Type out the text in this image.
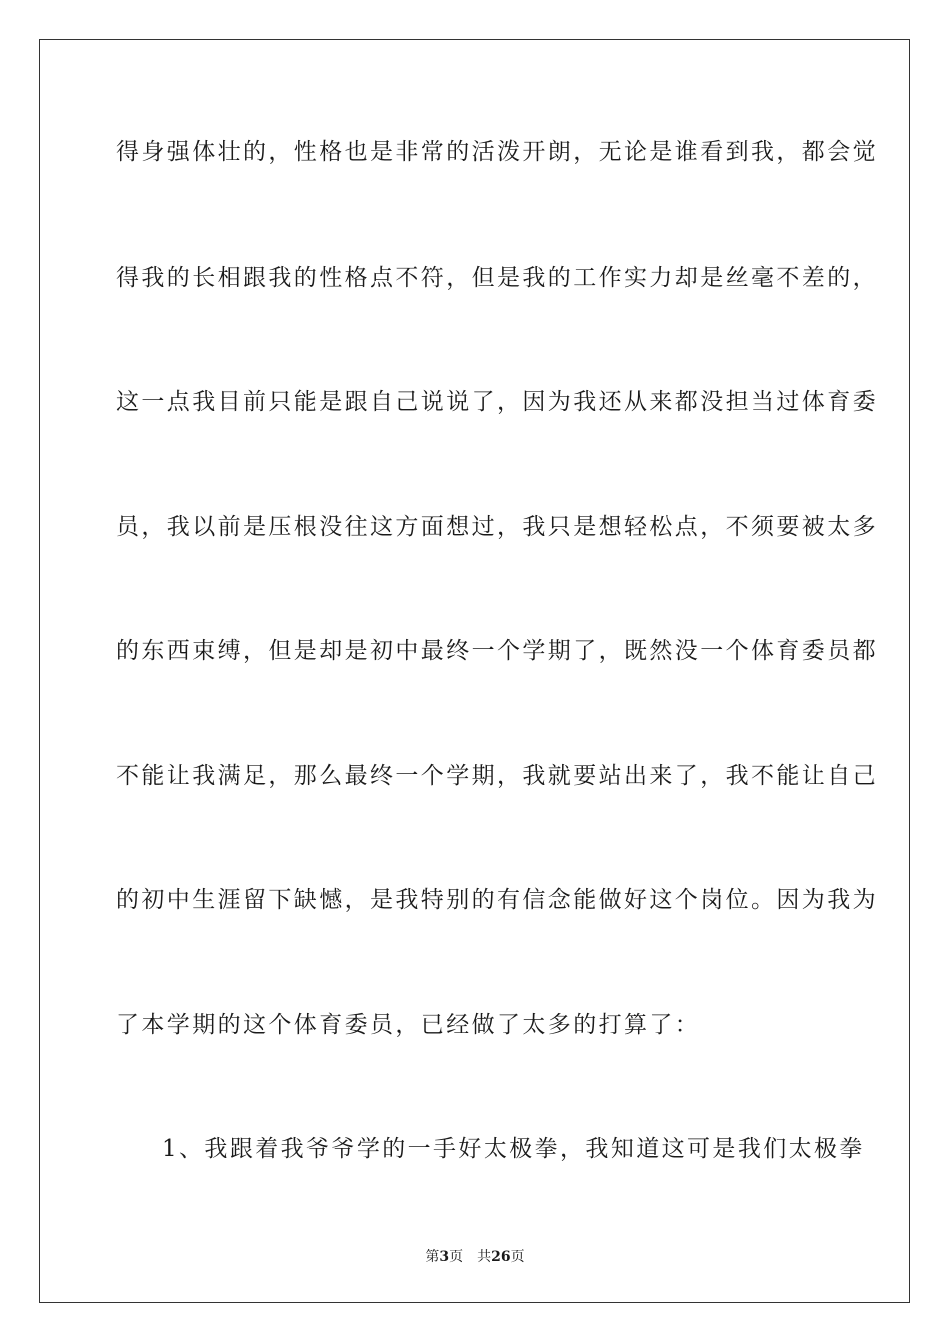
得身强体壮的，性格也是非常的活泼开朗，无论是谁看到我，都会觉
得我的长相跟我的性格点不符，但是我的工作实力却是丝毫不差的，
这一点我目前只能是跟自己说说了，因为我还从来都没担当过体育委
员，我以前是压根没往这方面想过，我只是想轻松点，不须要被太多
的东西束缚，但是却是初中最终一个学期了，既然没一个体育委员都
不能让我满足，那么最终一个学期，我就要站出来了，我不能让自己
的初中生涯留下缺憾，是我特别的有信念能做好这个岗位。因为我为
了本学期的这个体育委员，已经做了太多的打算了：
1、我跟着我爷爷学的一手好太极拳，我知道这可是我们太极拳
第3页 共26页
